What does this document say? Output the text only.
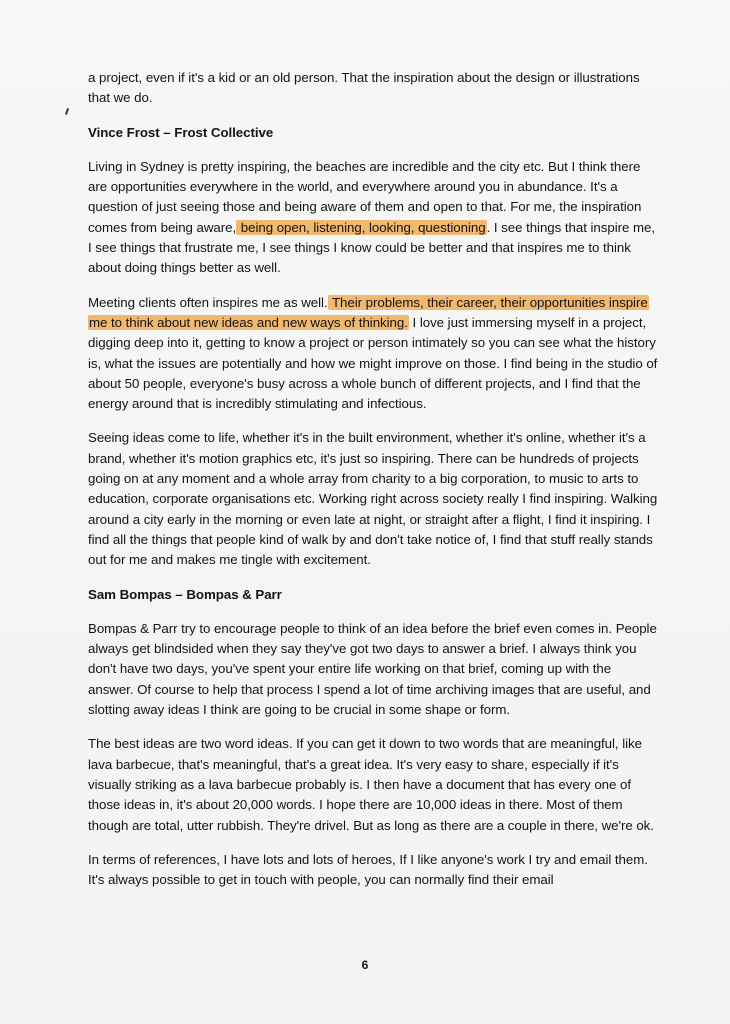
a project, even if it's a kid or an old person. That the inspiration about the design or illustrations that we do.

Vince Frost – Frost Collective

Living in Sydney is pretty inspiring, the beaches are incredible and the city etc. But I think there are opportunities everywhere in the world, and everywhere around you in abundance. It's a question of just seeing those and being aware of them and open to that. For me, the inspiration comes from being aware, being open, listening, looking, questioning. I see things that inspire me, I see things that frustrate me, I see things I know could be better and that inspires me to think about doing things better as well.

Meeting clients often inspires me as well. Their problems, their career, their opportunities inspire me to think about new ideas and new ways of thinking. I love just immersing myself in a project, digging deep into it, getting to know a project or person intimately so you can see what the history is, what the issues are potentially and how we might improve on those. I find being in the studio of about 50 people, everyone's busy across a whole bunch of different projects, and I find that the energy around that is incredibly stimulating and infectious.

Seeing ideas come to life, whether it's in the built environment, whether it's online, whether it's a brand, whether it's motion graphics etc, it's just so inspiring. There can be hundreds of projects going on at any moment and a whole array from charity to a big corporation, to music to arts to education, corporate organisations etc. Working right across society really I find inspiring. Walking around a city early in the morning or even late at night, or straight after a flight, I find it inspiring. I find all the things that people kind of walk by and don't take notice of, I find that stuff really stands out for me and makes me tingle with excitement.

Sam Bompas – Bompas & Parr

Bompas & Parr try to encourage people to think of an idea before the brief even comes in. People always get blindsided when they say they've got two days to answer a brief. I always think you don't have two days, you've spent your entire life working on that brief, coming up with the answer. Of course to help that process I spend a lot of time archiving images that are useful, and slotting away ideas I think are going to be crucial in some shape or form.

The best ideas are two word ideas. If you can get it down to two words that are meaningful, like lava barbecue, that's meaningful, that's a great idea. It's very easy to share, especially if it's visually striking as a lava barbecue probably is. I then have a document that has every one of those ideas in, it's about 20,000 words. I hope there are 10,000 ideas in there. Most of them though are total, utter rubbish. They're drivel. But as long as there are a couple in there, we're ok.

In terms of references, I have lots and lots of heroes, If I like anyone's work I try and email them. It's always possible to get in touch with people, you can normally find their email

6
